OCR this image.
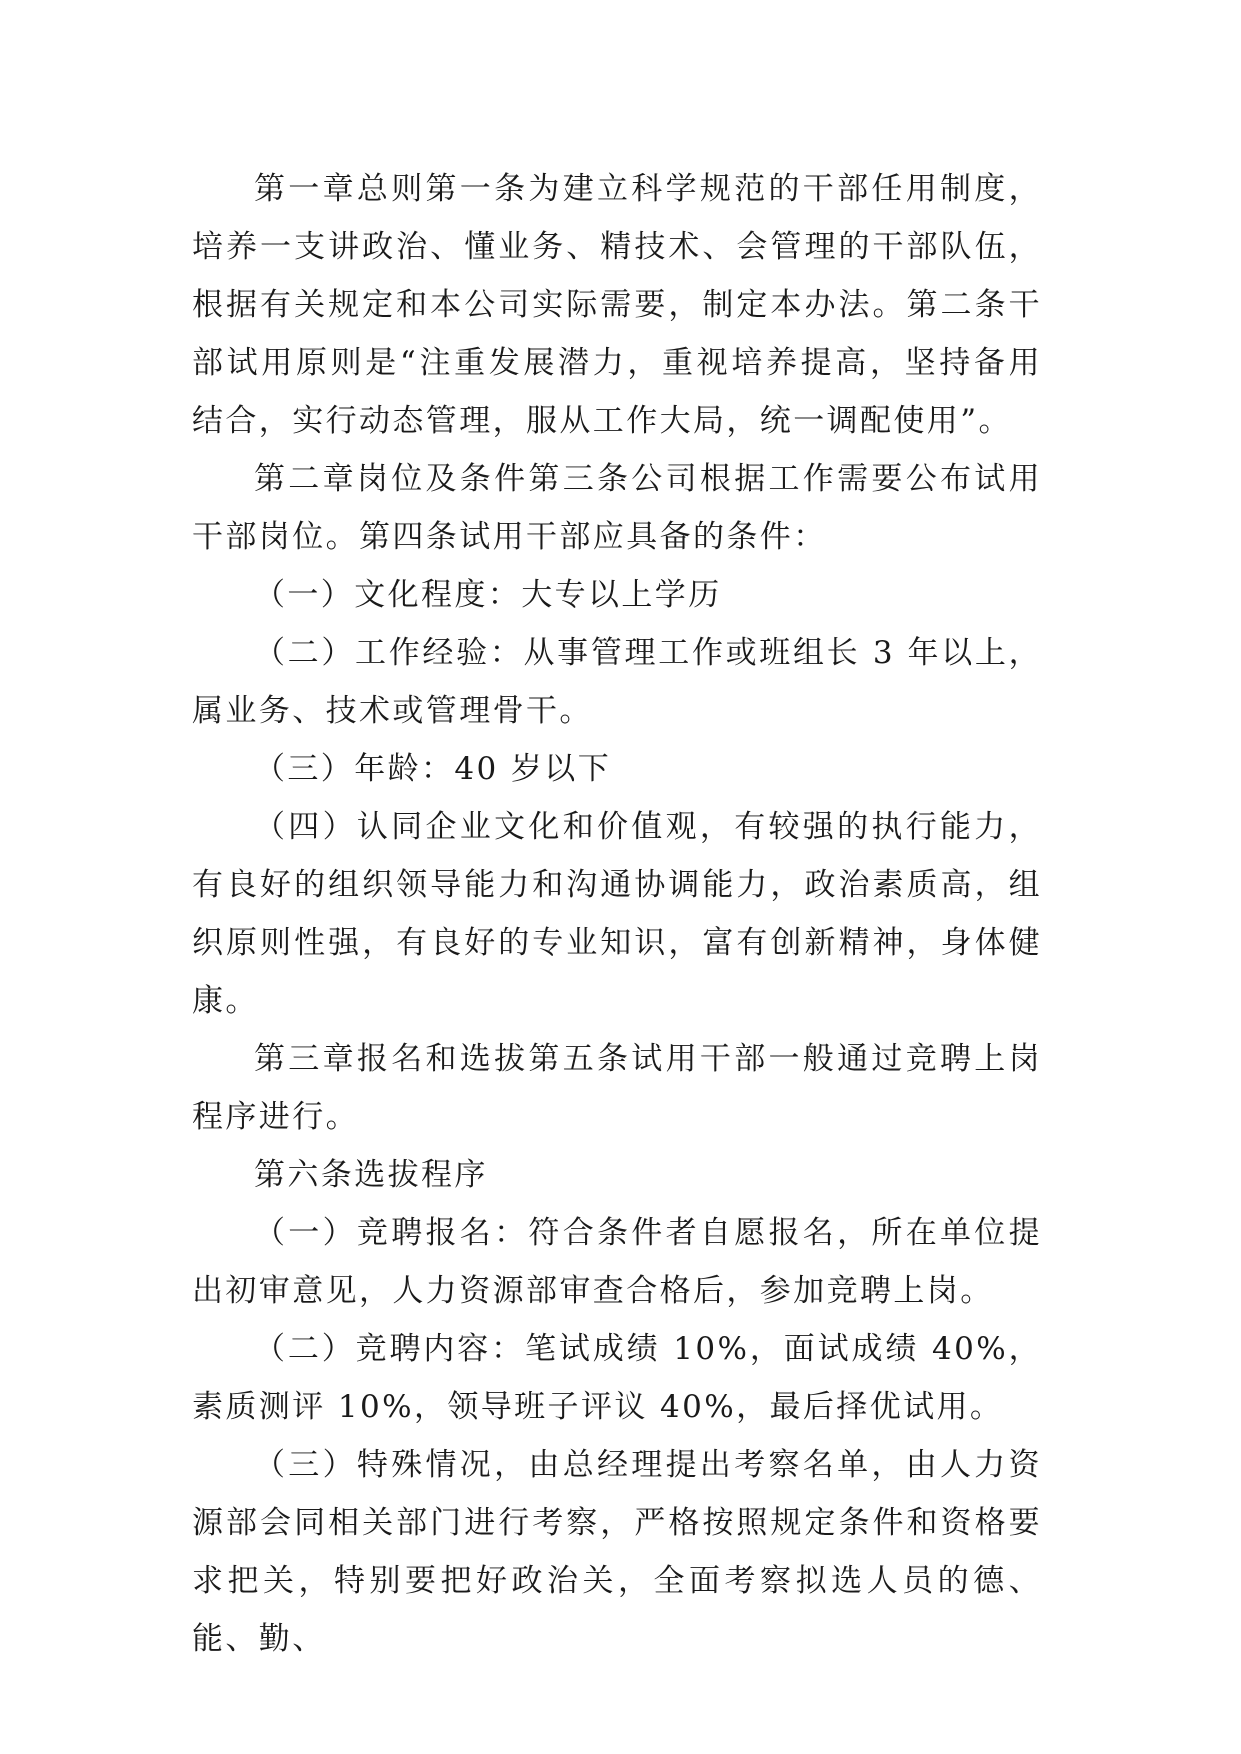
第一章总则第一条为建立科学规范的干部任用制度，培养一支讲政治、懂业务、精技术、会管理的干部队伍，根据有关规定和本公司实际需要，制定本办法。第二条干部试用原则是“注重发展潜力，重视培养提高，坚持备用结合，实行动态管理，服从工作大局，统一调配使用”。

第二章岗位及条件第三条公司根据工作需要公布试用干部岗位。第四条试用干部应具备的条件：

（一）文化程度：大专以上学历

（二）工作经验：从事管理工作或班组长 3 年以上，属业务、技术或管理骨干。

（三）年龄：40 岁以下

（四）认同企业文化和价值观，有较强的执行能力，有良好的组织领导能力和沟通协调能力，政治素质高，组织原则性强，有良好的专业知识，富有创新精神，身体健康。

第三章报名和选拔第五条试用干部一般通过竞聘上岗程序进行。

第六条选拔程序

（一）竞聘报名：符合条件者自愿报名，所在单位提出初审意见，人力资源部审查合格后，参加竞聘上岗。

（二）竞聘内容：笔试成绩 10%，面试成绩 40%，素质测评 10%，领导班子评议 40%，最后择优试用。

（三）特殊情况，由总经理提出考察名单，由人力资源部会同相关部门进行考察，严格按照规定条件和资格要求把关，特别要把好政治关，全面考察拟选人员的德、能、勤、
